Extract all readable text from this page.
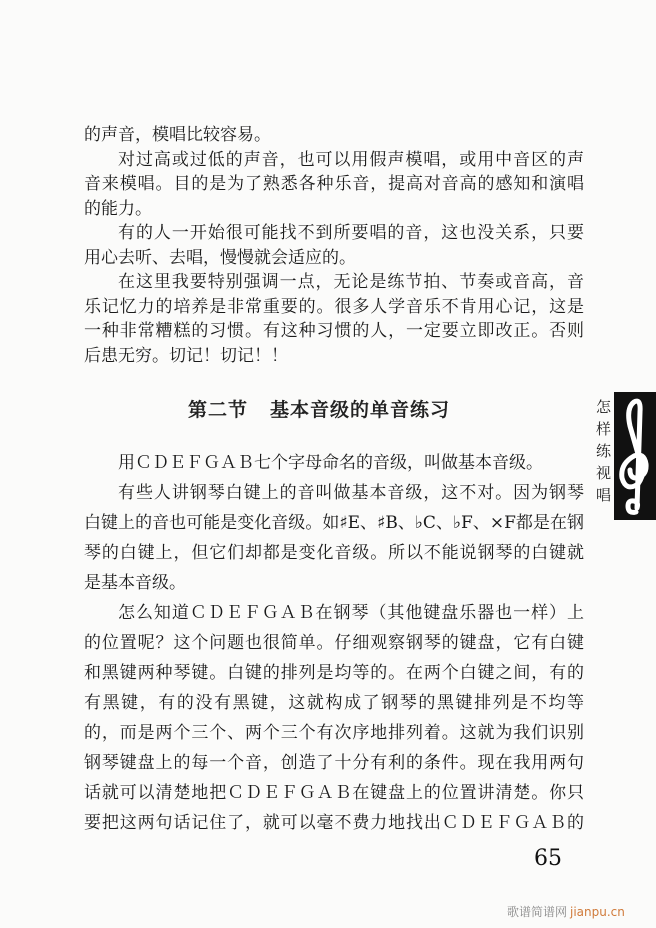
的声音，模唱比较容易。
对过高或过低的声音，也可以用假声模唱，或用中音区的声
音来模唱。目的是为了熟悉各种乐音，提高对音高的感知和演唱
的能力。
有的人一开始很可能找不到所要唱的音，这也没关系，只要
用心去听、去唱，慢慢就会适应的。
在这里我要特别强调一点，无论是练节拍、节奏或音高，音
乐记忆力的培养是非常重要的。很多人学音乐不肯用心记，这是
一种非常糟糕的习惯。有这种习惯的人，一定要立即改正。否则
后患无穷。切记！切记！！
第二节 基本音级的单音练习
用ＣＤＥＦＧＡＢ七个字母命名的音级，叫做基本音级。
有些人讲钢琴白键上的音叫做基本音级，这不对。因为钢琴
白键上的音也可能是变化音级。如♯E、♯B、♭C、♭F、×F都是在钢
琴的白键上，但它们却都是变化音级。所以不能说钢琴的白键就
是基本音级。
怎么知道ＣＤＥＦＧＡＢ在钢琴（其他键盘乐器也一样）上
的位置呢？这个问题也很简单。仔细观察钢琴的键盘，它有白键
和黑键两种琴键。白键的排列是均等的。在两个白键之间，有的
有黑键，有的没有黑键，这就构成了钢琴的黑键排列是不均等
的，而是两个三个、两个三个有次序地排列着。这就为我们识别
钢琴键盘上的每一个音，创造了十分有利的条件。现在我用两句
话就可以清楚地把ＣＤＥＦＧＡＢ在键盘上的位置讲清楚。你只
要把这两句话记住了，就可以毫不费力地找出ＣＤＥＦＧＡＢ的
怎样练视唱
65
歌谱简谱网 jianpu.cn
